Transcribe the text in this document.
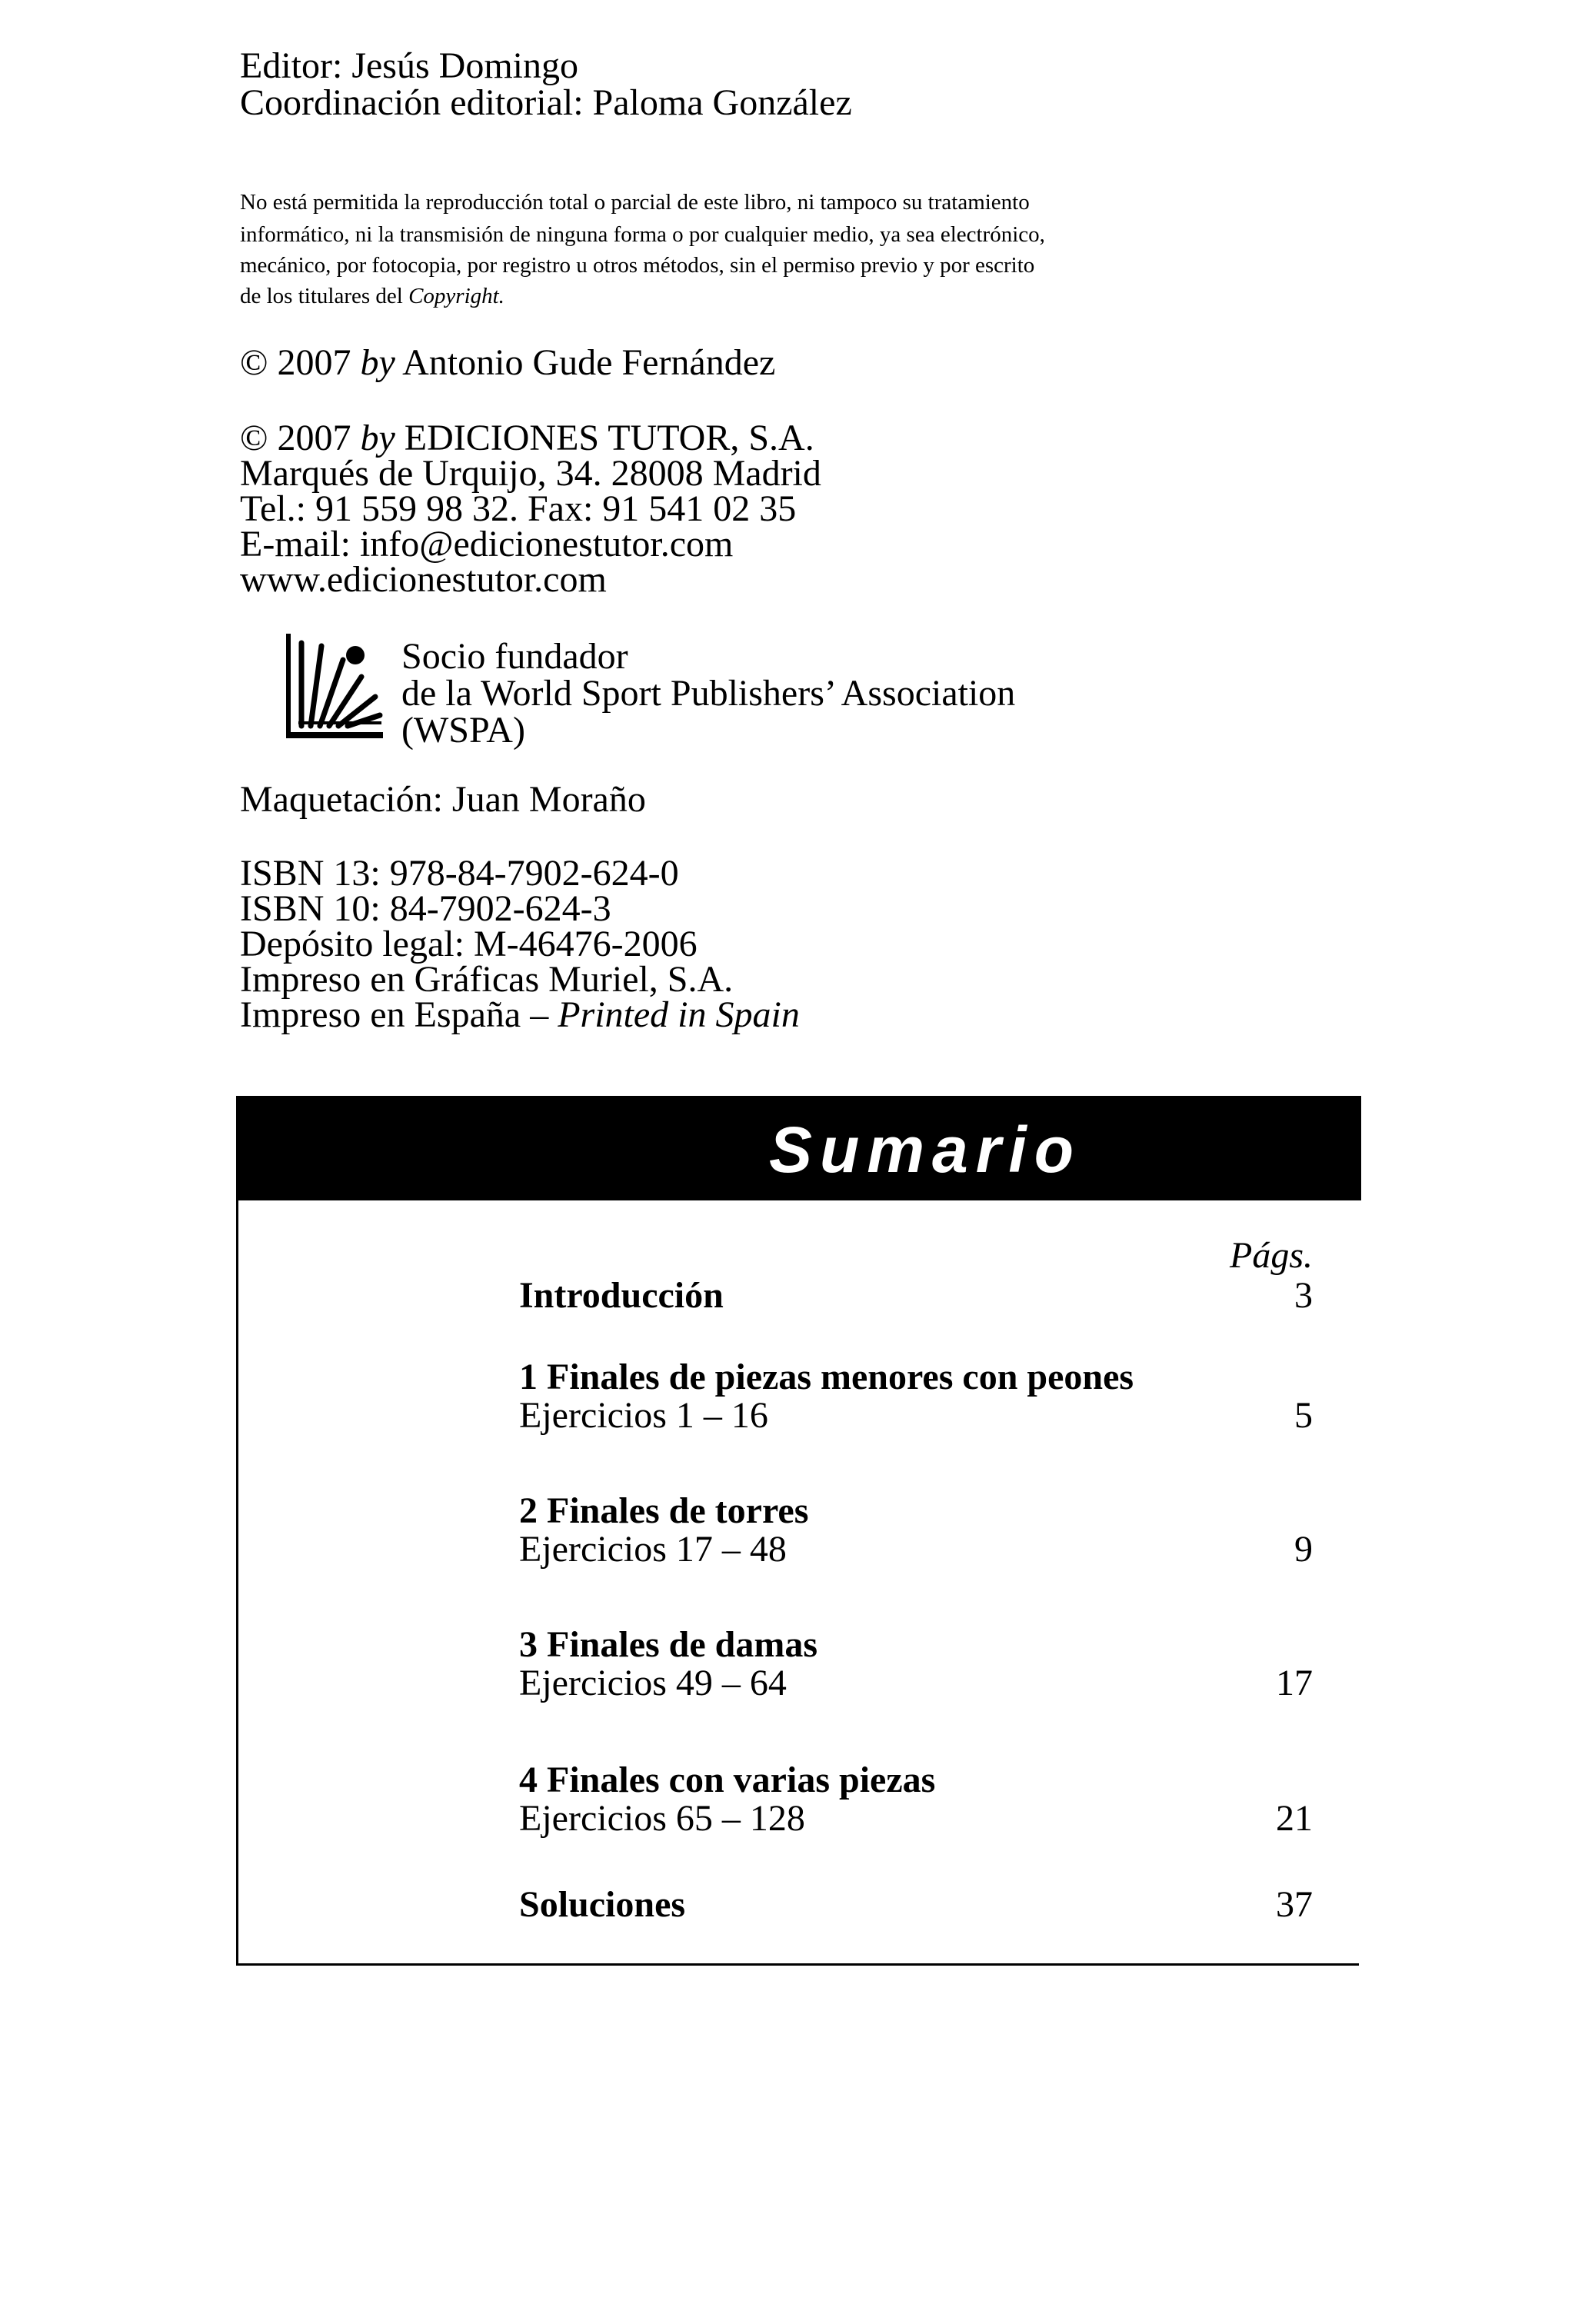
Editor: Jesús Domingo
Coordinación editorial: Paloma González
No está permitida la reproducción total o parcial de este libro, ni tampoco su tratamiento
informático, ni la transmisión de ninguna forma o por cualquier medio, ya sea electrónico,
mecánico, por fotocopia, por registro u otros métodos, sin el permiso previo y por escrito
de los titulares del Copyright.
© 2007 by Antonio Gude Fernández
© 2007 by EDICIONES TUTOR, S.A.
Marqués de Urquijo, 34. 28008 Madrid
Tel.: 91 559 98 32. Fax: 91 541 02 35
E-mail: info@edicionestutor.com
www.edicionestutor.com
Socio fundador
de la World Sport Publishers’ Association
(WSPA)
Maquetación: Juan Moraño
ISBN 13: 978-84-7902-624-0
ISBN 10: 84-7902-624-3
Depósito legal: M-46476-2006
Impreso en Gráficas Muriel, S.A.
Impreso en España – Printed in Spain
Sumario
Págs.
Introducción	3
1 Finales de piezas menores con peones
Ejercicios 1 – 16	5
2 Finales de torres
Ejercicios 17 – 48	9
3 Finales de damas
Ejercicios 49 – 64	17
4 Finales con varias piezas
Ejercicios 65 – 128	21
Soluciones	37
